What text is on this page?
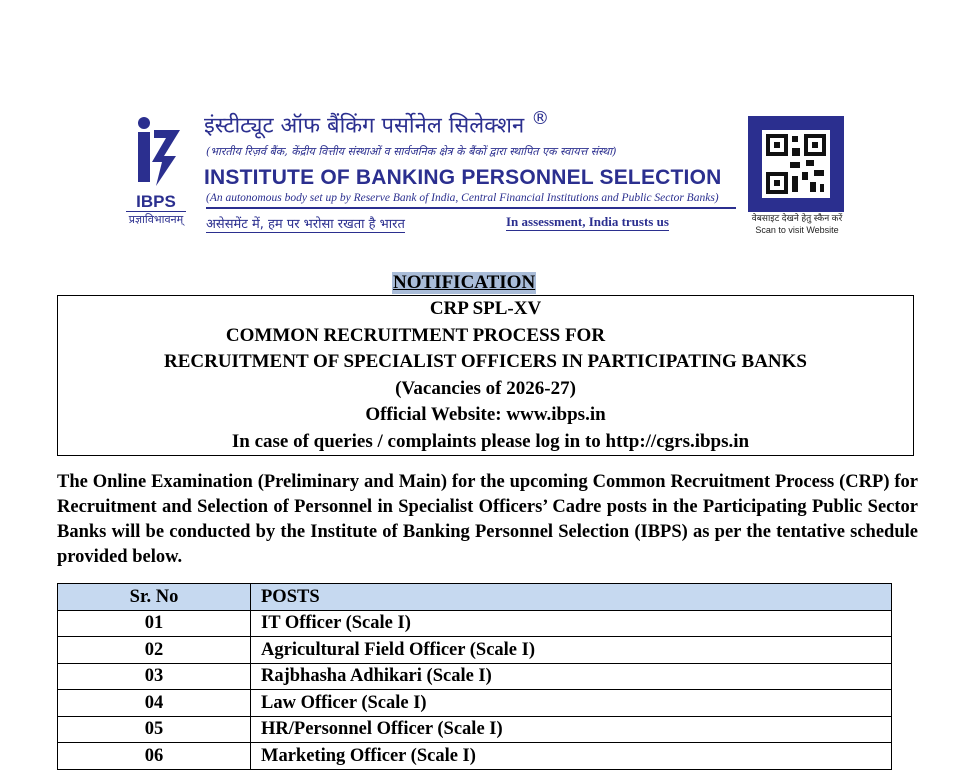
IBPS
प्रज्ञाविभावनम्
इंस्टीट्यूट ऑफ बैंकिंग पर्सोनेल सिलेक्शन ®
(भारतीय रिज़र्व बैंक, केंद्रीय वित्तीय संस्थाओं व सार्वजनिक क्षेत्र के बैंकों द्वारा स्थापित एक स्वायत्त संस्था)
INSTITUTE OF BANKING PERSONNEL SELECTION
(An autonomous body set up by Reserve Bank of India, Central Financial Institutions and Public Sector Banks)
असेसमेंट में, हम पर भरोसा रखता है भारत	In assessment, India trusts us	वेबसाइट देखने हेतु स्कैन करें
Scan to visit Website
NOTIFICATION
CRP SPL-XV
COMMON RECRUITMENT PROCESS FOR
RECRUITMENT OF SPECIALIST OFFICERS IN PARTICIPATING BANKS
(Vacancies of 2026-27)
Official Website: www.ibps.in
In case of queries / complaints please log in to http://cgrs.ibps.in
The Online Examination (Preliminary and Main) for the upcoming Common Recruitment Process (CRP) for Recruitment and Selection of Personnel in Specialist Officers’ Cadre posts in the Participating Public Sector Banks will be conducted by the Institute of Banking Personnel Selection (IBPS) as per the tentative schedule provided below.
Sr. No	POSTS
01	IT Officer (Scale I)
02	Agricultural Field Officer (Scale I)
03	Rajbhasha Adhikari (Scale I)
04	Law Officer (Scale I)
05	HR/Personnel Officer (Scale I)
06	Marketing Officer (Scale I)
